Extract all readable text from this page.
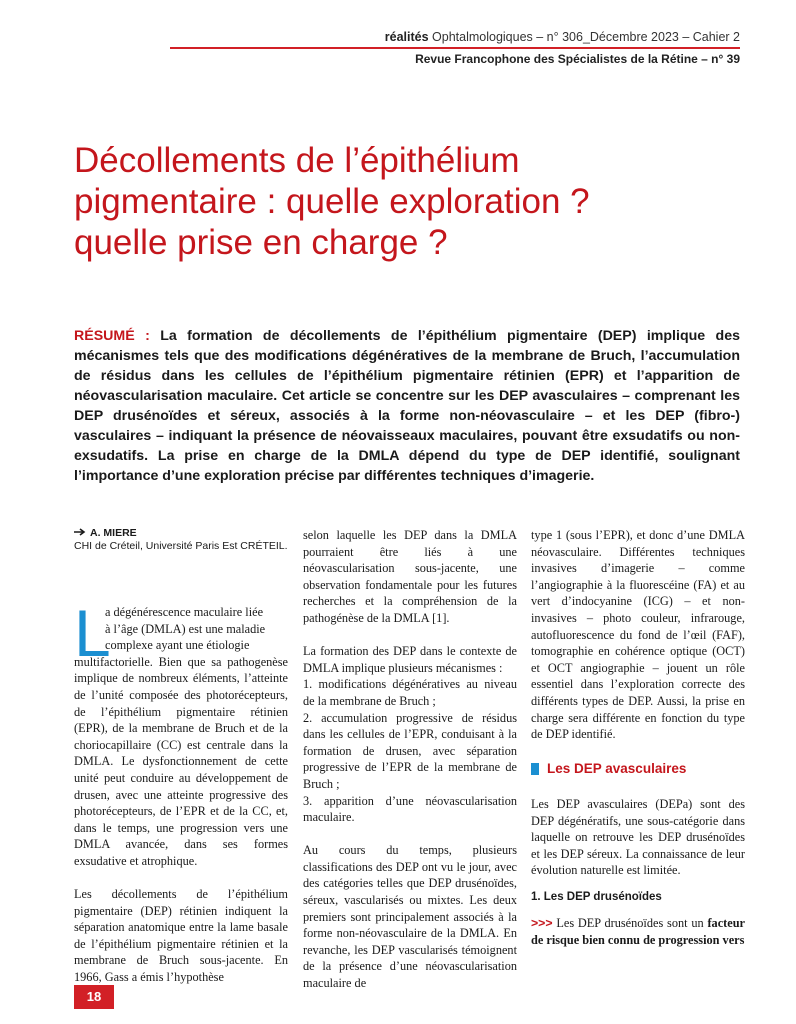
réalités Ophtalmologiques – n° 306_Décembre 2023 – Cahier 2
Revue Francophone des Spécialistes de la Rétine – n° 39
Décollements de l’épithélium
pigmentaire : quelle exploration ?
quelle prise en charge ?
RÉSUMÉ : La formation de décollements de l’épithélium pigmentaire (DEP) implique des mécanismes tels que des modifications dégénératives de la membrane de Bruch, l’accumulation de résidus dans les cellules de l’épithélium pigmentaire rétinien (EPR) et l’apparition de néovascularisation maculaire. Cet article se concentre sur les DEP avasculaires – comprenant les DEP drusénoïdes et séreux, associés à la forme non-néovasculaire – et les DEP (fibro-) vasculaires – indiquant la présence de néovaisseaux maculaires, pouvant être exsudatifs ou non-exsudatifs. La prise en charge de la DMLA dépend du type de DEP identifié, soulignant l’importance d’une exploration précise par différentes techniques d’imagerie.
A. MIERE
CHI de Créteil, Université Paris Est CRÉTEIL.
L
a dégénérescence maculaire liée
à l’âge (DMLA) est une maladie
complexe ayant une étiologie

multifactorielle. Bien que sa pathogenèse implique de nombreux éléments, l’atteinte de l’unité composée des photorécepteurs, de l’épithélium pigmentaire rétinien (EPR), de la membrane de Bruch et de la choriocapillaire (CC) est centrale dans la DMLA. Le dysfonctionnement de cette unité peut conduire au développement de drusen, avec une atteinte progressive des photorécepteurs, de l’EPR et de la CC, et, dans le temps, une progression vers une DMLA avancée, dans ses formes exsudative et atrophique.

Les décollements de l’épithélium pigmentaire (DEP) rétinien indiquent la séparation anatomique entre la lame basale de l’épithélium pigmentaire rétinien et la membrane de Bruch sous-jacente. En 1966, Gass a émis l’hypothèse

selon laquelle les DEP dans la DMLA pourraient être liés à une néovascularisation sous-jacente, une observation fondamentale pour les futures recherches et la compréhension de la pathogénèse de la DMLA [1].

La formation des DEP dans le contexte de DMLA implique plusieurs mécanismes :

1. modifications dégénératives au niveau de la membrane de Bruch ;

2. accumulation progressive de résidus dans les cellules de l’EPR, conduisant à la formation de drusen, avec séparation progressive de l’EPR de la membrane de Bruch ;

3. apparition d’une néovascularisation maculaire.

Au cours du temps, plusieurs classifications des DEP ont vu le jour, avec des catégories telles que DEP drusénoïdes, séreux, vascularisés ou mixtes. Les deux premiers sont principalement associés à la forme non-néovasculaire de la DMLA. En revanche, les DEP vascularisés témoignent de la présence d’une néovascularisation maculaire de

type 1 (sous l’EPR), et donc d’une DMLA néovasculaire. Différentes techniques invasives d’imagerie – comme l’angiographie à la fluorescéine (FA) et au vert d’indocyanine (ICG) – et non-invasives – photo couleur, infrarouge, autofluorescence du fond de l’œil (FAF), tomographie en cohérence optique (OCT) et OCT angiographie – jouent un rôle essentiel dans l’exploration correcte des différents types de DEP. Aussi, la prise en charge sera différente en fonction du type de DEP identifié.

Les DEP avasculaires

Les DEP avasculaires (DEPa) sont des DEP dégénératifs, une sous-catégorie dans laquelle on retrouve les DEP drusénoïdes et les DEP séreux. La connaissance de leur évolution naturelle est limitée.

1. Les DEP drusénoïdes

>>> Les DEP drusénoïdes sont un facteur de risque bien connu de progression vers

18
